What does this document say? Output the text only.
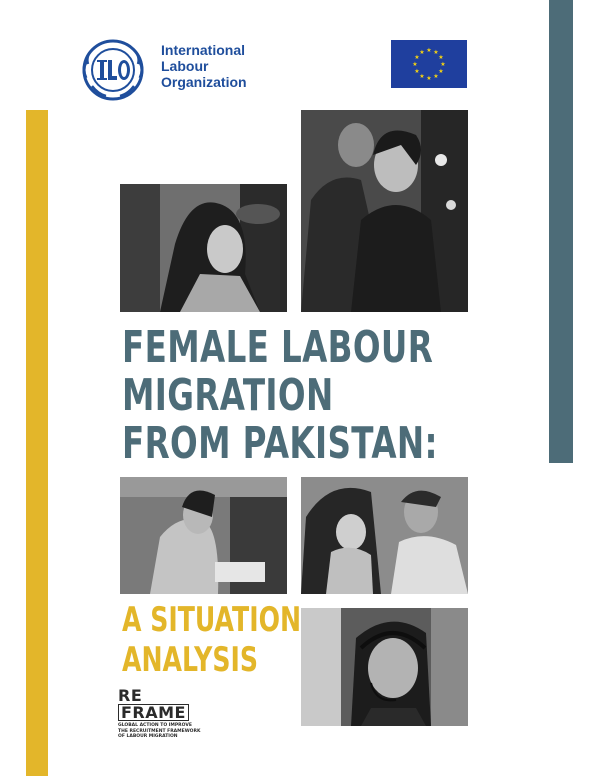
International
Labour
Organization
★ ★
★
★
★
★
★
★
★
★
★
★
FEMALE LABOUR
MIGRATION
FROM PAKISTAN:
A SITUATION
ANALYSIS
RE
FRAME
GLOBAL ACTION TO IMPROVE
THE RECRUITMENT FRAMEWORK
OF LABOUR MIGRATION
